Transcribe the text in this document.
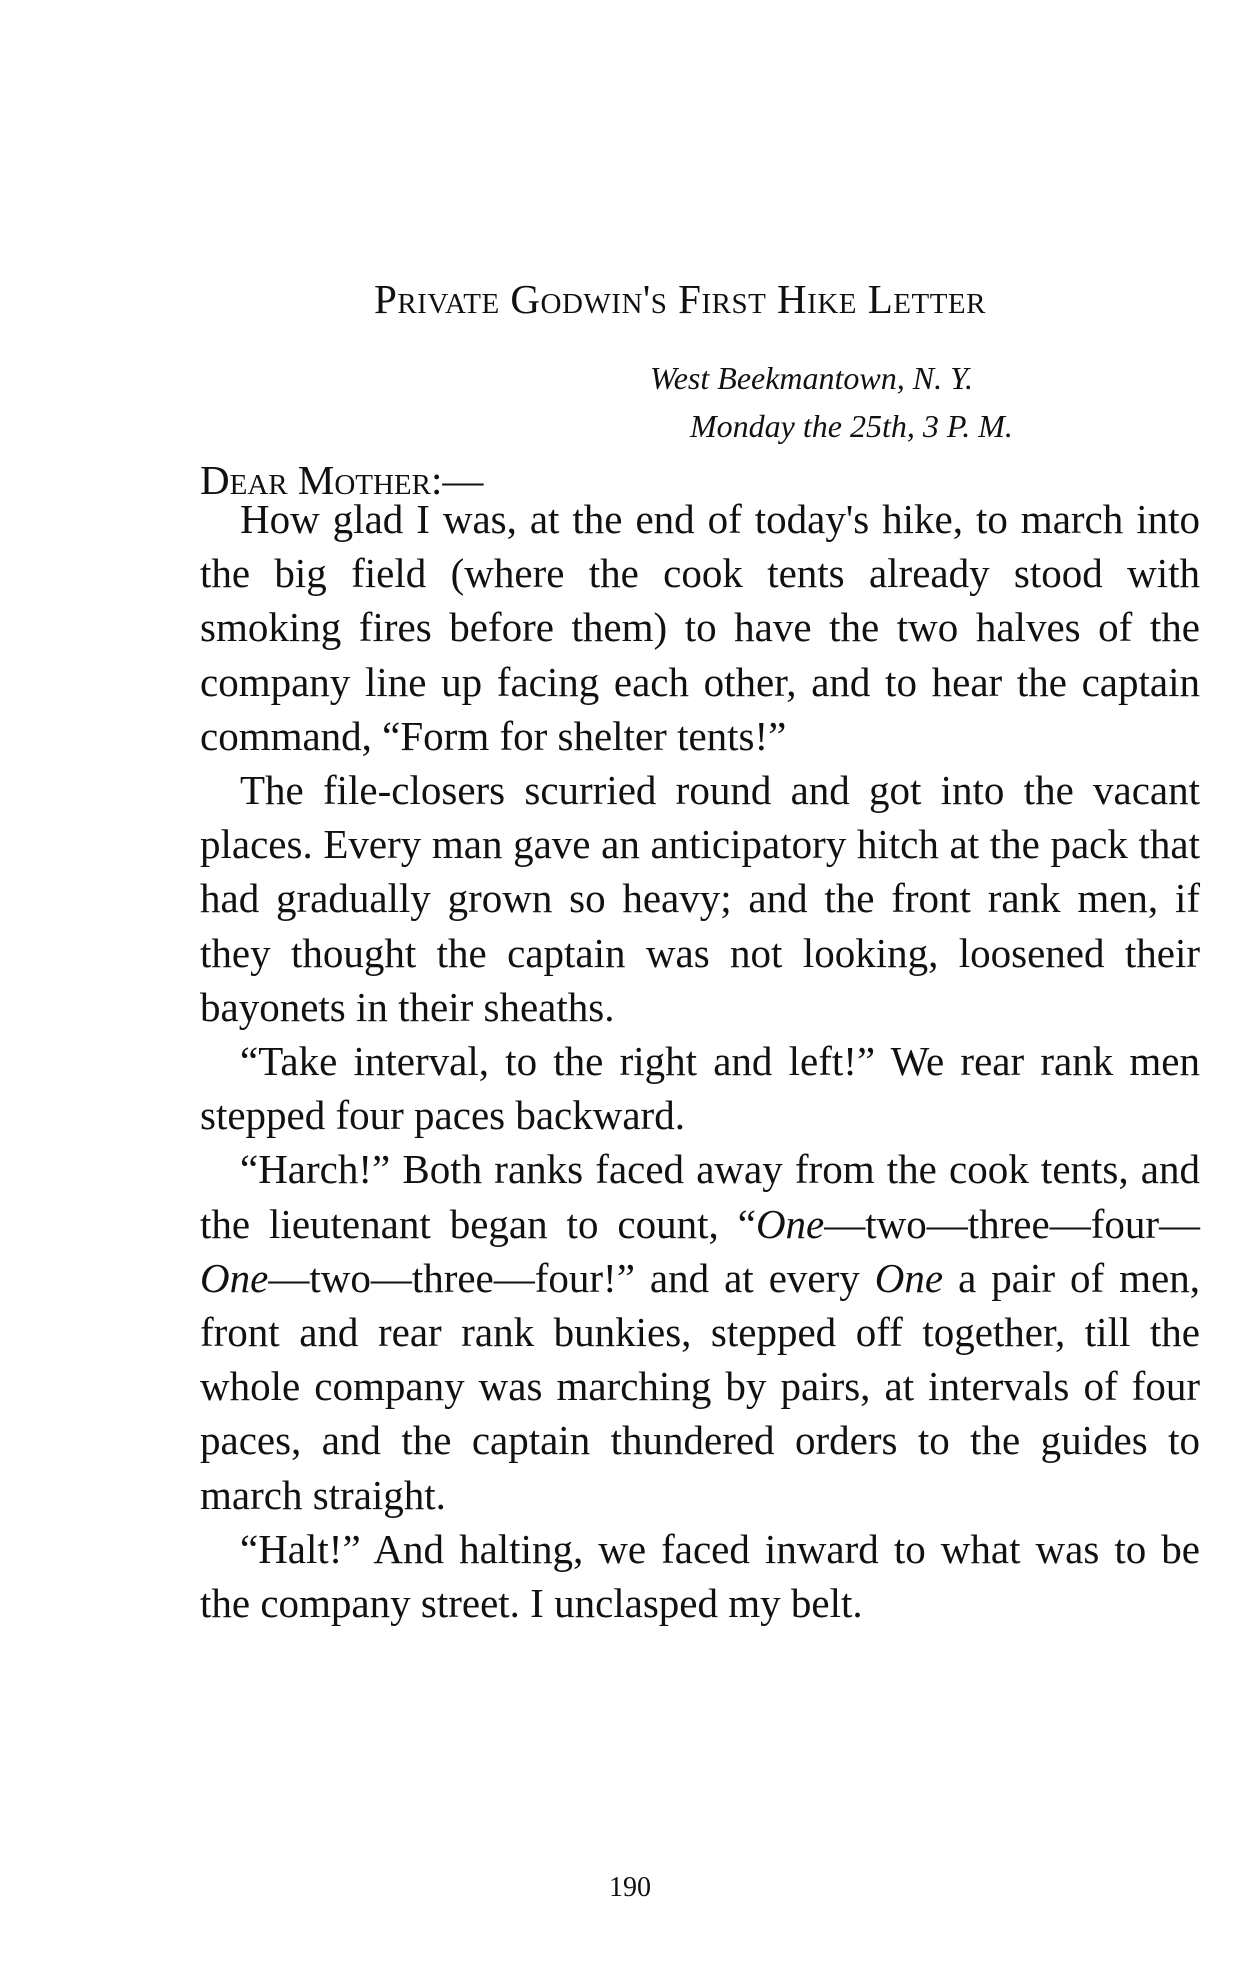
Private Godwin's First Hike Letter
West Beekmantown, N. Y.
Monday the 25th, 3 P. M.
Dear Mother:—

How glad I was, at the end of today's hike, to march into the big field (where the cook tents already stood with smoking fires before them) to have the two halves of the company line up facing each other, and to hear the captain command, “Form for shelter tents!”

The file-closers scurried round and got into the vacant places. Every man gave an anticipatory hitch at the pack that had gradually grown so heavy; and the front rank men, if they thought the captain was not looking, loosened their bayonets in their sheaths.

“Take interval, to the right and left!” We rear rank men stepped four paces backward.

“Harch!” Both ranks faced away from the cook tents, and the lieutenant began to count, “One—two—three—four—One—two—three—four!” and at every One a pair of men, front and rear rank bunkies, stepped off together, till the whole company was marching by pairs, at intervals of four paces, and the captain thundered orders to the guides to march straight.

“Halt!” And halting, we faced inward to what was to be the company street. I unclasped my belt.

190
